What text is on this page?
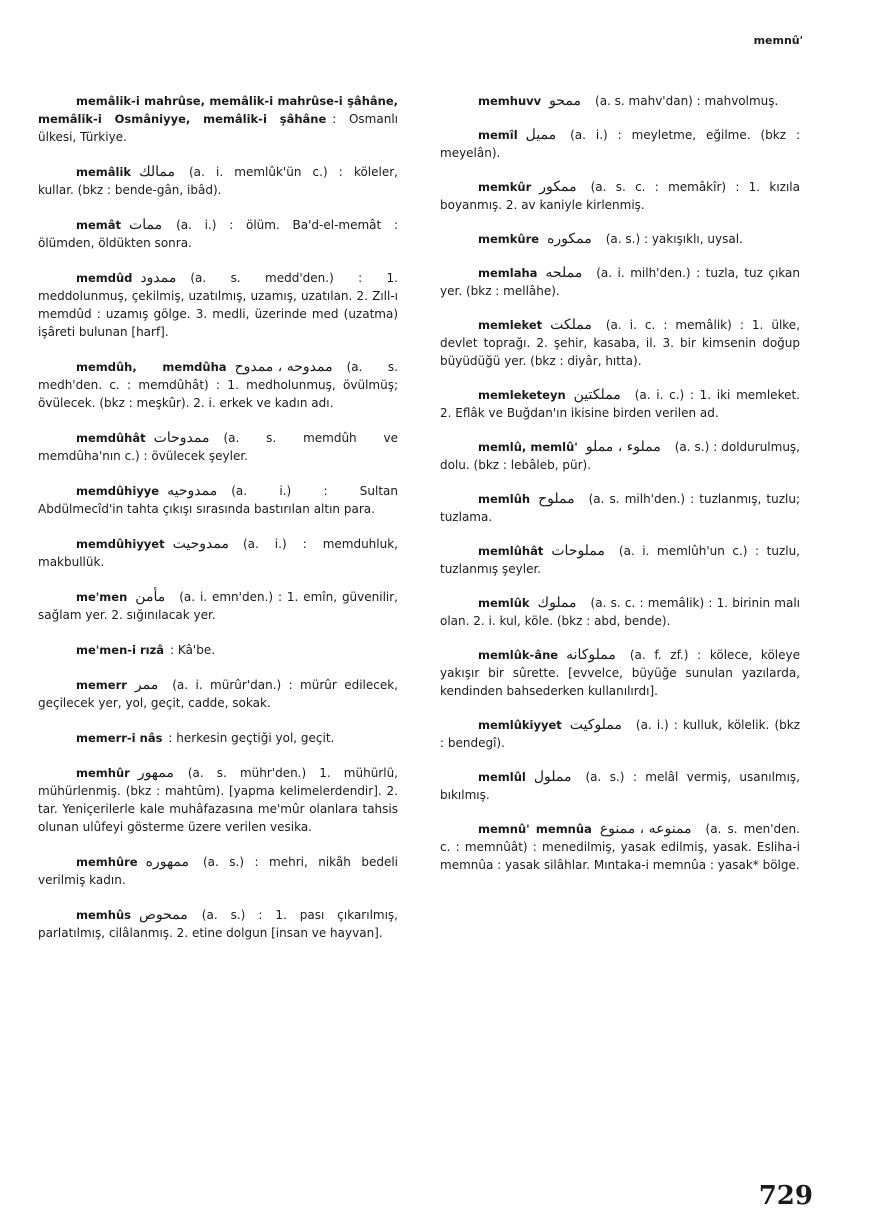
memnû'
memâlik-i mahrûse, memâlik-i mahrûse-i şâhâne, memâlik-i Osmâniyye, memâlik-i şâhâne : Osmanlı ülkesi, Türkiye.
memâlik ممالك (a. i. memlûk'ün c.) : köleler, kullar. (bkz : bende-gân, ibâd).
memât ممات (a. i.) : ölüm. Ba'd-el-memât : ölümden, öldükten sonra.
memdûd ممدود (a. s. medd'den.) : 1. meddolunmuş, çekilmiş, uzatılmış, uzamış, uzatılan. 2. Zıll-ı memdûd : uzamış gölge. 3. medli, üzerinde med (uzatma) işâreti bulunan [harf].
memdûh, memdûha ممدوحه ، ممدوح (a. s. medh'den. c. : memdûhât) : 1. medholunmuş, övülmüş; övülecek. (bkz : meşkûr). 2. i. erkek ve kadın adı.
memdûhât ممدوحات (a. s. memdûh ve memdûha'nın c.) : övülecek şeyler.
memdûhiyye ممدوحيه (a. i.) : Sultan Abdülmecîd'in tahta çıkışı sırasında bastırılan altın para.
memdûhiyyet ممدوحيت (a. i.) : memduhluk, makbullük.
me'men مأمن (a. i. emn'den.) : 1. emîn, güvenilir, sağlam yer. 2. sığınılacak yer.
me'men-i rızâ : Kâ'be.
memerr ممر (a. i. mürûr'dan.) : mürûr edilecek, geçilecek yer, yol, geçit, cadde, sokak.
memerr-i nâs : herkesin geçtiği yol, geçit.
memhûr ممهور (a. s. mühr'den.) 1. mühürlü, mühürlenmiş. (bkz : mahtûm). [yapma kelimelerdendir]. 2. tar. Yeniçerilerle kale muhâfazasına me'mûr olanlara tahsis olunan ulûfeyi gösterme üzere verilen vesika.
memhûre ممهوره (a. s.) : mehri, nikâh bedeli verilmiş kadın.
memhûs ممحوص (a. s.) : 1. pası çıkarılmış, parlatılmış, cilâlanmış. 2. etine dolgun [insan ve hayvan].
memhuvv ممحو (a. s. mahv'dan) : mahvolmuş.
memîl مميل (a. i.) : meyletme, eğilme. (bkz : meyelân).
memkûr ممكور (a. s. c. : memâkîr) : 1. kızıla boyanmış. 2. av kaniyle kirlenmiş.
memkûre ممكوره (a. s.) : yakışıklı, uysal.
memlaha مملحه (a. i. milh'den.) : tuzla, tuz çıkan yer. (bkz : mellâhe).
memleket مملكت (a. i. c. : memâlik) : 1. ülke, devlet toprağı. 2. şehir, kasaba, il. 3. bir kimsenin doğup büyüdüğü yer. (bkz : diyâr, hıtta).
memleketeyn مملكتين (a. i. c.) : 1. iki memleket. 2. Eflâk ve Buğdan'ın ikisine birden verilen ad.
memlû, memlû' مملوء ، مملو (a. s.) : doldurulmuş, dolu. (bkz : lebâleb, pür).
memlûh مملوح (a. s. milh'den.) : tuzlanmış, tuzlu; tuzlama.
memlûhât مملوحات (a. i. memlûh'un c.) : tuzlu, tuzlanmış şeyler.
memlûk مملوك (a. s. c. : memâlik) : 1. birinin malı olan. 2. i. kul, köle. (bkz : abd, bende).
memlûk-âne مملوكانه (a. f. zf.) : kölece, köleye yakışır bir sûrette. [evvelce, büyüğe sunulan yazılarda, kendinden bahsederken kullanılırdı].
memlûkiyyet مملوكيت (a. i.) : kulluk, kölelik. (bkz : bendegî).
memlûl مملول (a. s.) : melâl vermiş, usanılmış, bıkılmış.
memnû' memnûa ممنوعه ، ممنوع (a. s. men'den. c. : memnûât) : menedilmiş, yasak edilmiş, yasak. Esliha-i memnûa : yasak silâhlar. Mıntaka-i memnûa : yasak* bölge.
729
